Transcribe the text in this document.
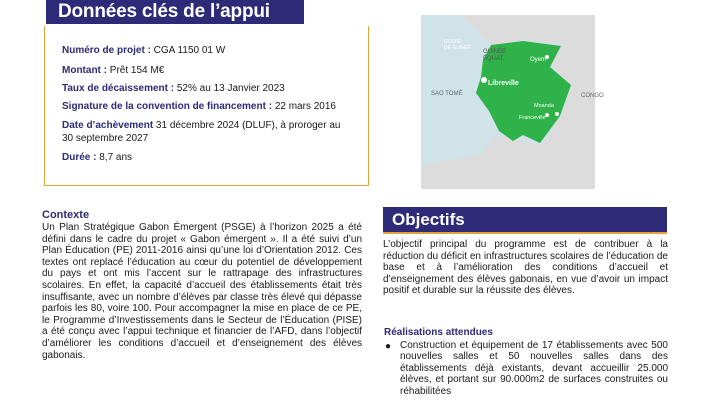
Données clés de l’appui AFD
Numéro de projet : CGA 1150 01 W
Montant : Prêt 154 M€
Taux de décaissement : 52% au 13 Janvier 2023
Signature de la convention de financement : 22 mars 2016
Date d’achèvement 31 décembre 2024 (DLUF), à proroger au 30 septembre 2027
Durée : 8,7 ans
GOLFE DE GUINÉE
GUINÉE ÉQUAT.	Oyem
Libreville
SAO TOMÉ	CONGO
Moanda
Franceville
Contexte
Un Plan Stratégique Gabon Émergent (PSGE) à l’horizon 2025 a été défini dans le cadre du projet « Gabon émergent ». Il a été suivi d’un Plan Éducation (PE) 2011-2016 ainsi qu’une loi d’Orientation 2012. Ces textes ont replacé l’éducation au cœur du potentiel de développement du pays et ont mis l’accent sur le rattrapage des infrastructures scolaires. En effet, la capacité d’accueil des établissements était très insuffisante, avec un nombre d’élèves par classe très élevé qui dépasse parfois les 80, voire 100. Pour accompagner la mise en place de ce PE, le Programme d’Investissements dans le Secteur de l’Éducation (PISE) a été conçu avec l’appui technique et financier de l’AFD, dans l’objectif d’améliorer les conditions d’accueil et d’enseignement des élèves gabonais.
Objectifs
L’objectif principal du programme est de contribuer à la réduction du déficit en infrastructures scolaires de l’éducation de base et à l’amélioration des conditions d’accueil et d’enseignement des élèves gabonais, en vue d’avoir un impact positif et durable sur la réussite des élèves.
Réalisations attendues
● Construction et équipement de 17 établissements avec 500 nouvelles salles et 50 nouvelles salles dans des établissements déjà existants, devant accueillir 25.000 élèves, et portant sur 90.000m2 de surfaces construites ou réhabilitées
